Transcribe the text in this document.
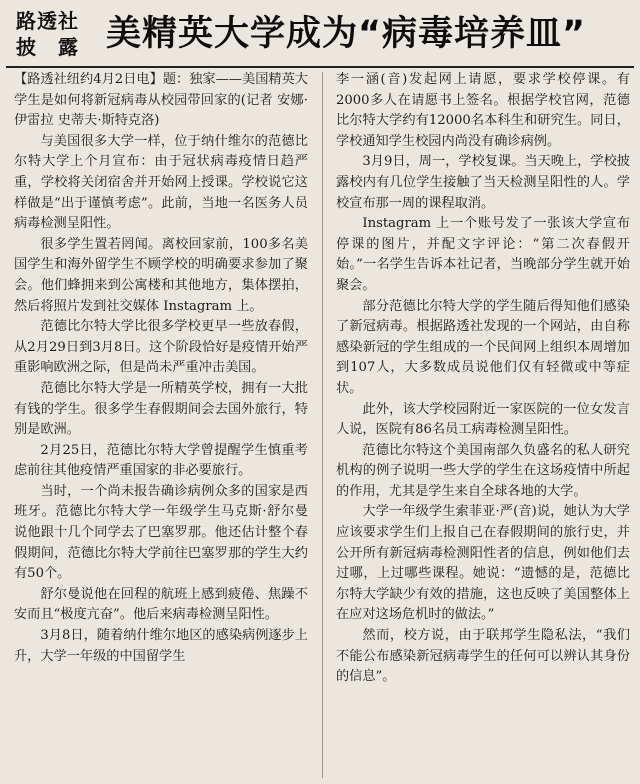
路透社
披　露 美精英大学成为“病毒培养皿”

【路透社纽约4月2日电】题：独家——美国精英大学生是如何将新冠病毒从校园带回家的(记者 安娜·伊雷拉 史蒂夫·斯特克洛)

与美国很多大学一样，位于纳什维尔的范德比尔特大学上个月宣布：由于冠状病毒疫情日趋严重，学校将关闭宿舍并开始网上授课。学校说它这样做是“出于谨慎考虑”。此前，当地一名医务人员病毒检测呈阳性。

很多学生置若罔闻。离校回家前，100多名美国学生和海外留学生不顾学校的明确要求参加了聚会。他们蜂拥来到公寓楼和其他地方，集体摆拍，然后将照片发到社交媒体 Instagram 上。

范德比尔特大学比很多学校更早一些放春假，从2月29日到3月8日。这个阶段恰好是疫情开始严重影响欧洲之际，但是尚未严重冲击美国。

范德比尔特大学是一所精英学校，拥有一大批有钱的学生。很多学生春假期间会去国外旅行，特别是欧洲。

2月25日，范德比尔特大学曾提醒学生慎重考虑前往其他疫情严重国家的非必要旅行。

当时，一个尚未报告确诊病例众多的国家是西班牙。范德比尔特大学一年级学生马克斯·舒尔曼说他跟十几个同学去了巴塞罗那。他还估计整个春假期间，范德比尔特大学前往巴塞罗那的学生大约有50个。

舒尔曼说他在回程的航班上感到疲倦、焦躁不安而且“极度亢奋”。他后来病毒检测呈阳性。

3月8日，随着纳什维尔地区的感染病例逐步上升，大学一年级的中国留学生

李一涵(音)发起网上请愿，要求学校停课。有2000多人在请愿书上签名。根据学校官网，范德比尔特大学约有12000名本科生和研究生。同日，学校通知学生校园内尚没有确诊病例。

3月9日，周一，学校复课。当天晚上，学校披露校内有几位学生接触了当天检测呈阳性的人。学校宣布那一周的课程取消。

Instagram 上一个账号发了一张该大学宣布停课的图片，并配文字评论：“第二次春假开始。”一名学生告诉本社记者，当晚部分学生就开始聚会。

部分范德比尔特大学的学生随后得知他们感染了新冠病毒。根据路透社发现的一个网站，由自称感染新冠的学生组成的一个民间网上组织本周增加到107人，大多数成员说他们仅有轻微或中等症状。

此外，该大学校园附近一家医院的一位女发言人说，医院有86名员工病毒检测呈阳性。

范德比尔特这个美国南部久负盛名的私人研究机构的例子说明一些大学的学生在这场疫情中所起的作用，尤其是学生来自全球各地的大学。

大学一年级学生索菲亚·严(音)说，她认为大学应该要求学生们上报自己在春假期间的旅行史，并公开所有新冠病毒检测阳性者的信息，例如他们去过哪，上过哪些课程。她说：“遗憾的是，范德比尔特大学缺少有效的措施，这也反映了美国整体上在应对这场危机时的做法。”

然而，校方说，由于联邦学生隐私法，“我们不能公布感染新冠病毒学生的任何可以辨认其身份的信息”。
